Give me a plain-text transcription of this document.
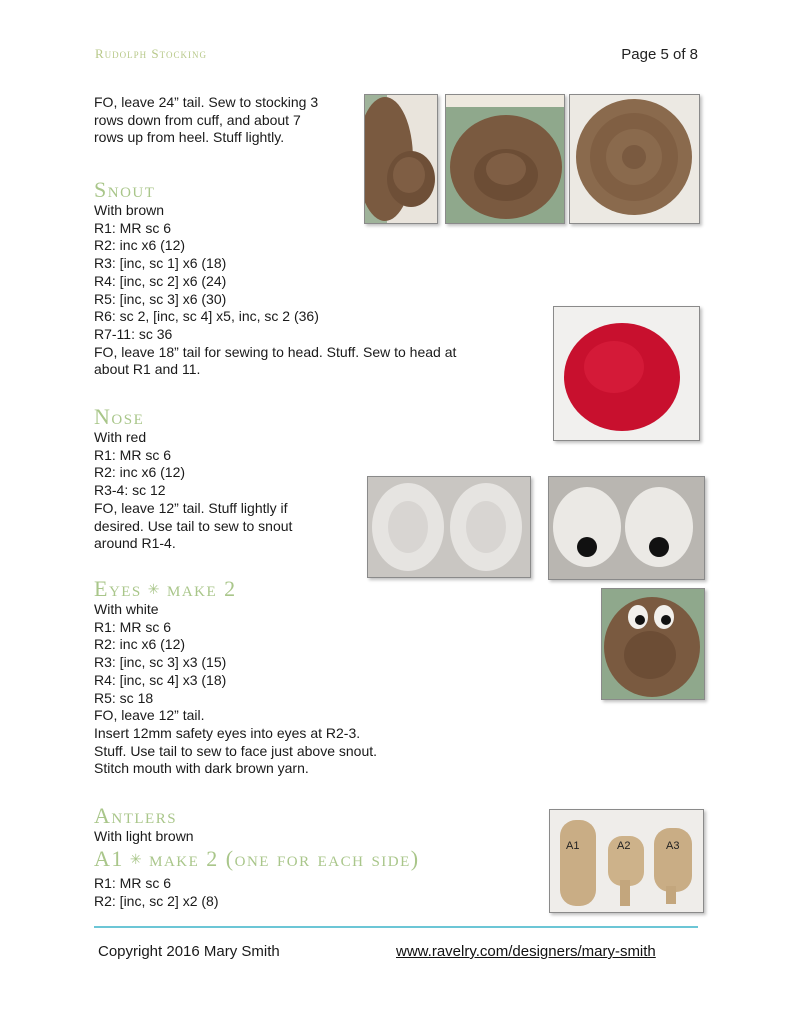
Rudolph Stocking	Page 5 of 8

FO, leave 24” tail. Sew to stocking 3

rows down from cuff, and about 7

rows up from heel. Stuff lightly.

Snout

With brown

R1: MR sc 6

R2: inc x6 (12)

R3: [inc, sc 1] x6 (18)

R4: [inc, sc 2] x6 (24)

R5: [inc, sc 3] x6 (30)

R6: sc 2, [inc, sc 4] x5, inc, sc 2 (36)

R7-11: sc 36

FO, leave 18” tail for sewing to head. Stuff. Sew to head at

about R1 and 11.

Nose

With red

R1: MR sc 6

R2: inc x6 (12)

R3-4: sc 12

FO, leave 12” tail. Stuff lightly if

desired. Use tail to sew to snout

around R1-4.

Eyes ✳ make 2

With white

R1: MR sc 6

R2: inc x6 (12)

R3: [inc, sc 3] x3 (15)

R4: [inc, sc 4] x3 (18)

R5: sc 18

FO, leave 12” tail.

Insert 12mm safety eyes into eyes at R2-3.

Stuff. Use tail to sew to face just above snout.

Stitch mouth with dark brown yarn.

Antlers

With light brown

A1 ✳ make 2 (one for each side)

R1: MR sc 6

R2: [inc, sc 2] x2 (8)

A1	A2	A3
Copyright 2016 Mary Smith	www.ravelry.com/designers/mary-smith
